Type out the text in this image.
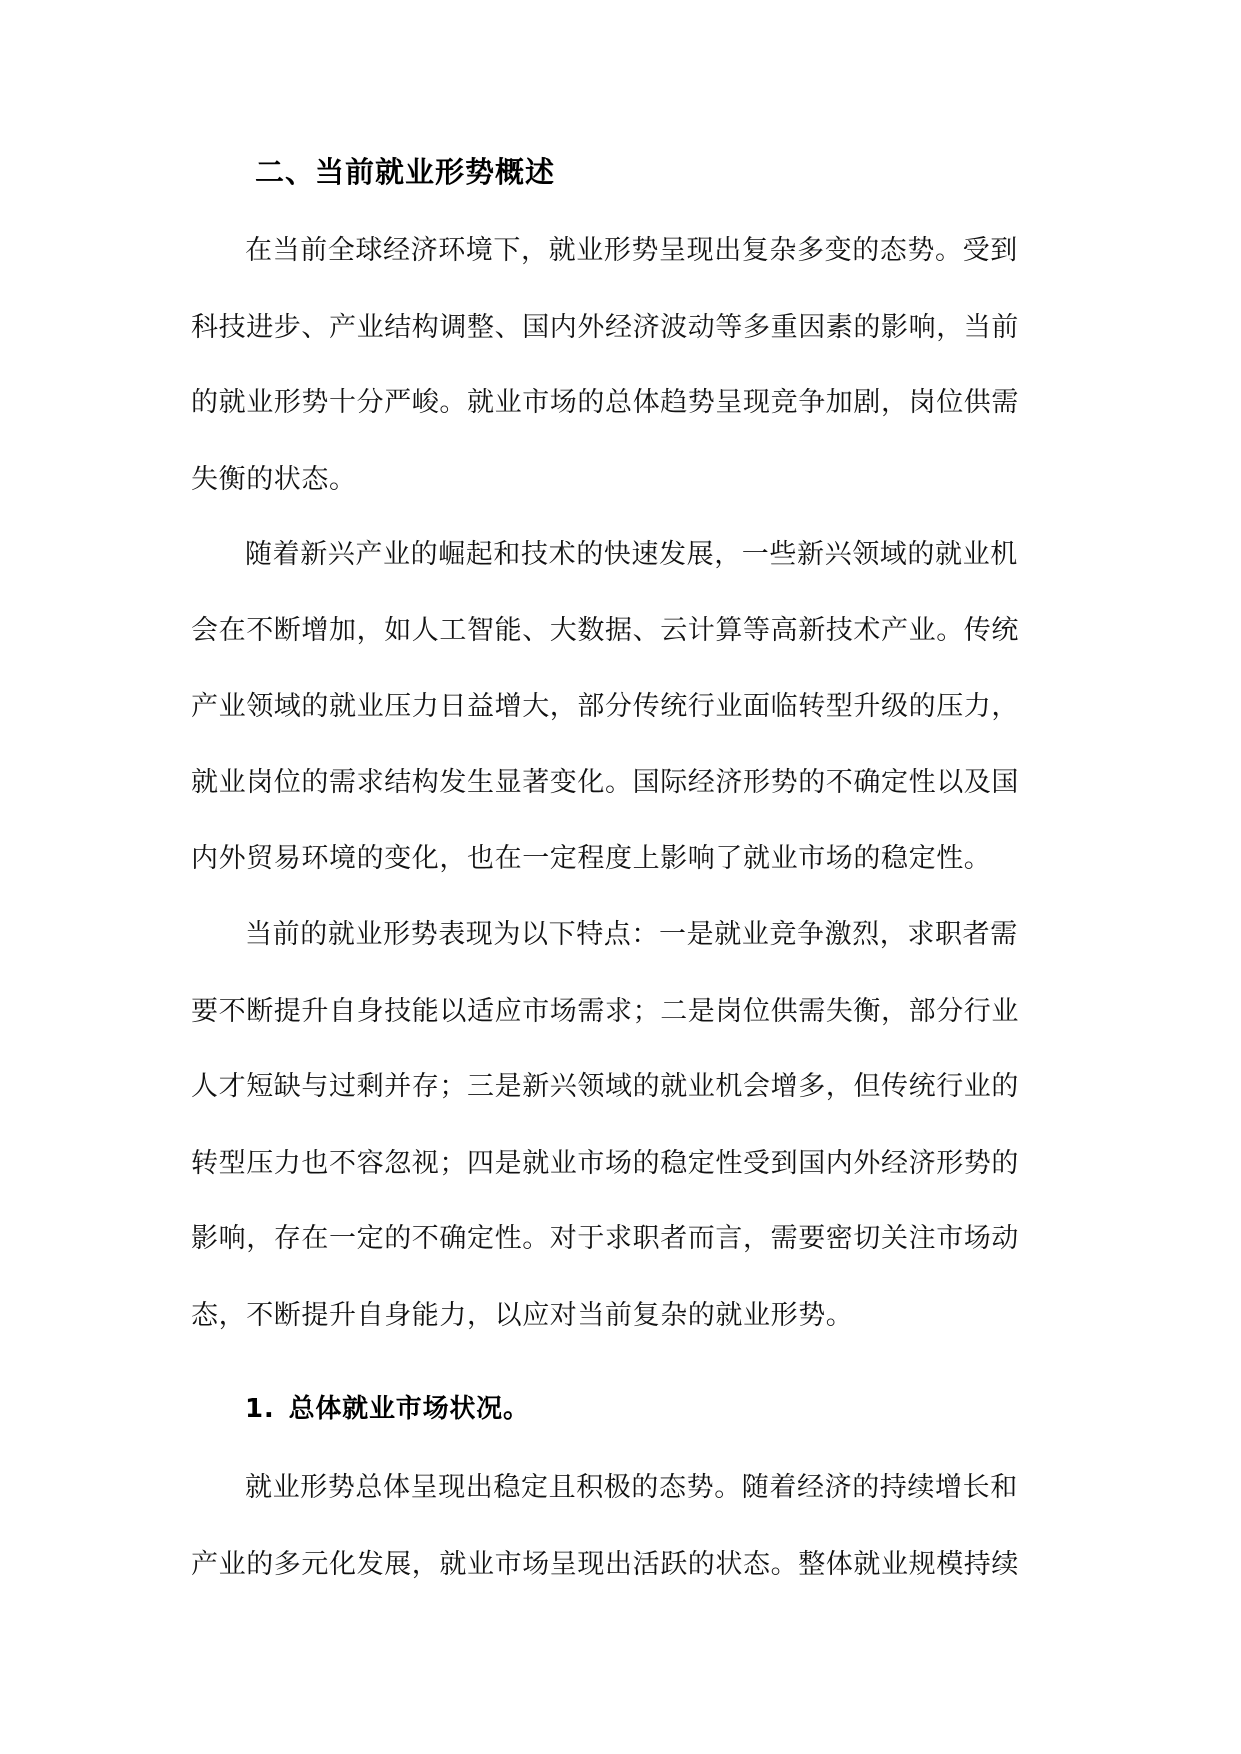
二、当前就业形势概述

在当前全球经济环境下，就业形势呈现出复杂多变的态势。受到

科技进步、产业结构调整、国内外经济波动等多重因素的影响，当前

的就业形势十分严峻。就业市场的总体趋势呈现竞争加剧，岗位供需

失衡的状态。

随着新兴产业的崛起和技术的快速发展，一些新兴领域的就业机

会在不断增加，如人工智能、大数据、云计算等高新技术产业。传统

产业领域的就业压力日益增大，部分传统行业面临转型升级的压力，

就业岗位的需求结构发生显著变化。国际经济形势的不确定性以及国

内外贸易环境的变化，也在一定程度上影响了就业市场的稳定性。

当前的就业形势表现为以下特点：一是就业竞争激烈，求职者需

要不断提升自身技能以适应市场需求；二是岗位供需失衡，部分行业

人才短缺与过剩并存；三是新兴领域的就业机会增多，但传统行业的

转型压力也不容忽视；四是就业市场的稳定性受到国内外经济形势的

影响，存在一定的不确定性。对于求职者而言，需要密切关注市场动

态，不断提升自身能力，以应对当前复杂的就业形势。

1. 总体就业市场状况。

就业形势总体呈现出稳定且积极的态势。随着经济的持续增长和

产业的多元化发展，就业市场呈现出活跃的状态。整体就业规模持续
